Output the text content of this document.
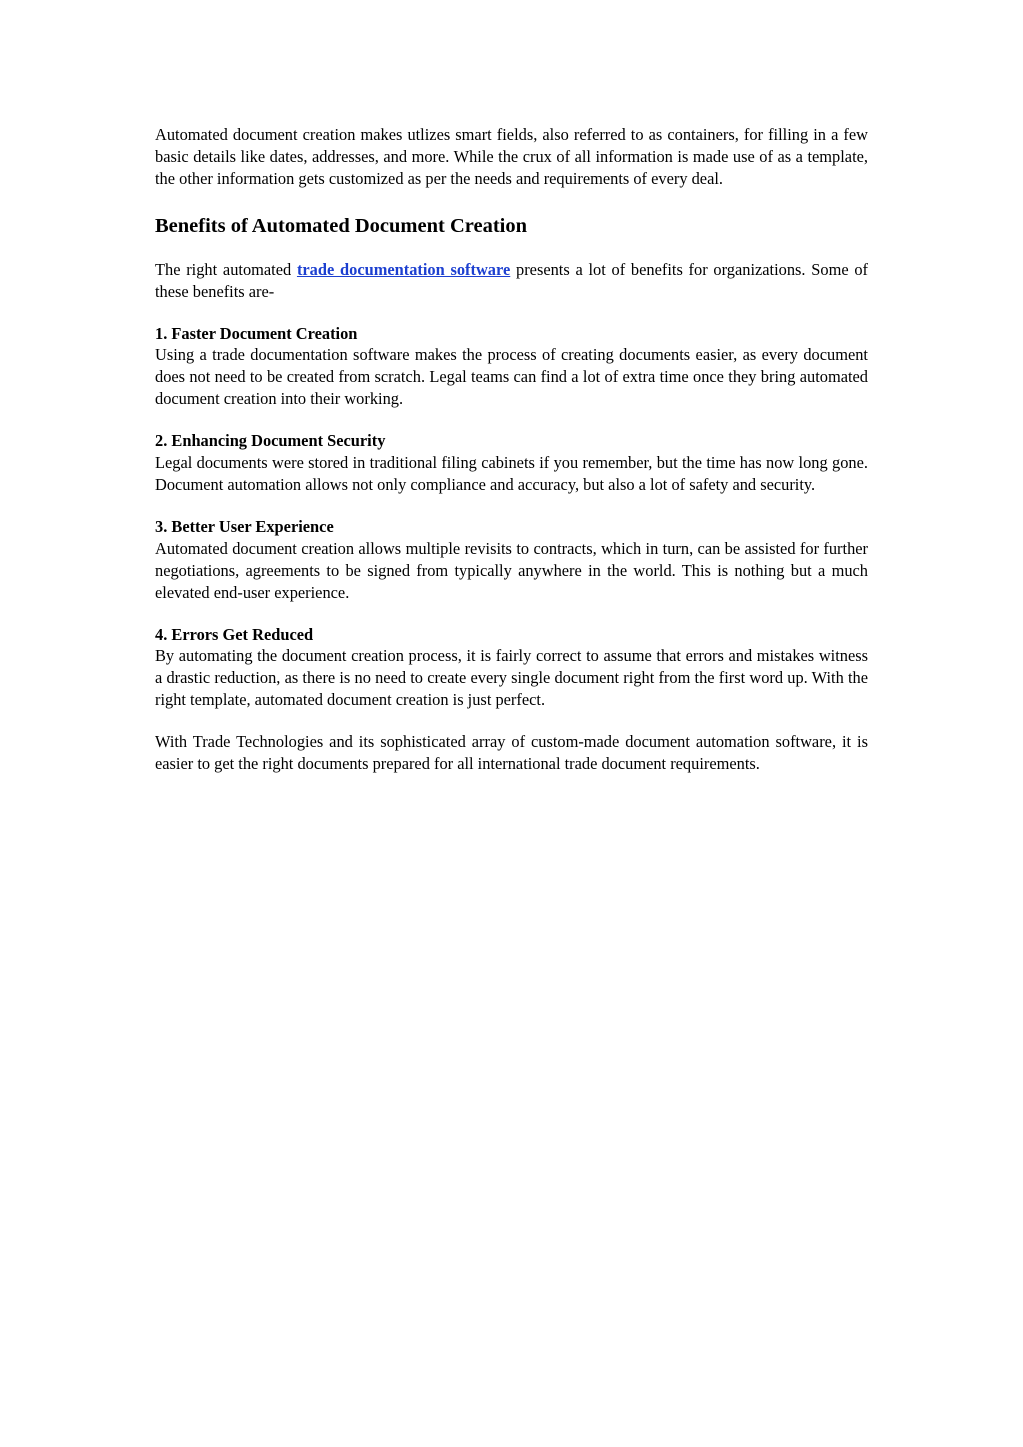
Automated document creation makes utlizes smart fields, also referred to as containers, for filling in a few basic details like dates, addresses, and more. While the crux of all information is made use of as a template, the other information gets customized as per the needs and requirements of every deal.

Benefits of Automated Document Creation

The right automated trade documentation software presents a lot of benefits for organizations. Some of these benefits are-

1. Faster Document Creation

Using a trade documentation software makes the process of creating documents easier, as every document does not need to be created from scratch. Legal teams can find a lot of extra time once they bring automated document creation into their working.

2. Enhancing Document Security

Legal documents were stored in traditional filing cabinets if you remember, but the time has now long gone. Document automation allows not only compliance and accuracy, but also a lot of safety and security.

3. Better User Experience

Automated document creation allows multiple revisits to contracts, which in turn, can be assisted for further negotiations, agreements to be signed from typically anywhere in the world. This is nothing but a much elevated end-user experience.

4. Errors Get Reduced

By automating the document creation process, it is fairly correct to assume that errors and mistakes witness a drastic reduction, as there is no need to create every single document right from the first word up. With the right template, automated document creation is just perfect.

With Trade Technologies and its sophisticated array of custom-made document automation software, it is easier to get the right documents prepared for all international trade document requirements.
